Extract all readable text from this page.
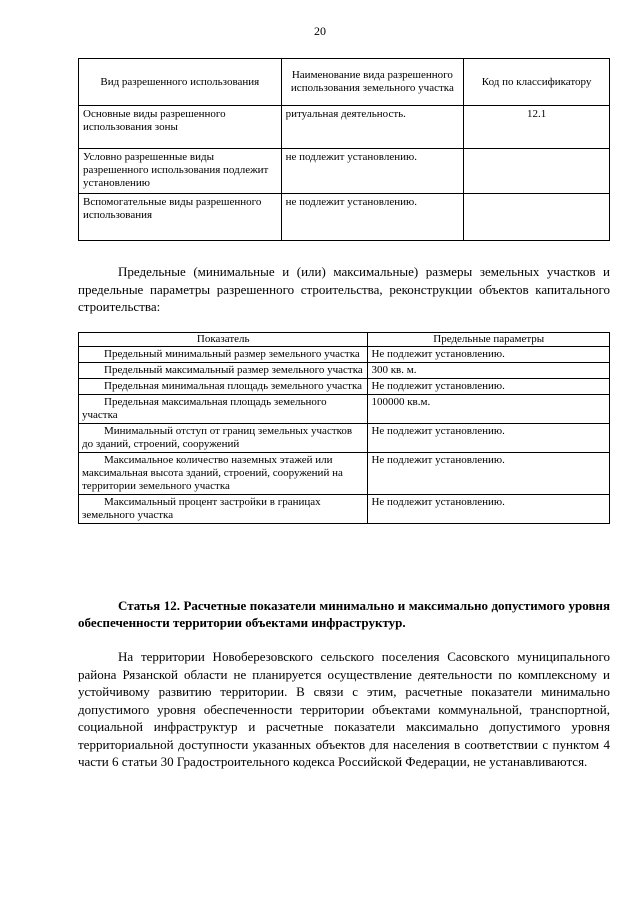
20
Вид разрешенного использования	Наименование вида разрешенного использования земельного участка	Код по классификатору
Основные виды разрешенного использования зоны	ритуальная деятельность.	12.1
Условно разрешенные виды разрешенного использования подлежит установлению	не подлежит установлению.	
Вспомогательные виды разрешенного использования	не подлежит установлению.	
Предельные (минимальные и (или) максимальные) размеры земельных участков и предельные параметры разрешенного строительства, реконструкции объектов капитального строительства:
Показатель	Предельные параметры
Предельный минимальный размер земельного участка	Не подлежит установлению.
Предельный максимальный размер земельного участка	300 кв. м.
Предельная минимальная площадь земельного участка	Не подлежит установлению.
Предельная максимальная площадь земельного участка	100000 кв.м.
Минимальный отступ от границ земельных участков до зданий, строений, сооружений	Не подлежит установлению.
Максимальное количество наземных этажей или максимальная высота зданий, строений, сооружений на территории земельного участка	Не подлежит установлению.
Максимальный процент застройки в границах земельного участка	Не подлежит установлению.
Статья 12. Расчетные показатели минимально и максимально допустимого уровня обеспеченности территории объектами инфраструктур.
На территории Новоберезовского сельского поселения Сасовского муниципального района Рязанской области не планируется осуществление деятельности по комплексному и устойчивому развитию территории. В связи с этим, расчетные показатели минимально допустимого уровня обеспеченности территории объектами коммунальной, транспортной, социальной инфраструктур и расчетные показатели максимально допустимого уровня территориальной доступности указанных объектов для населения в соответствии с пунктом 4 части 6 статьи 30 Градостроительного кодекса Российской Федерации, не устанавливаются.
